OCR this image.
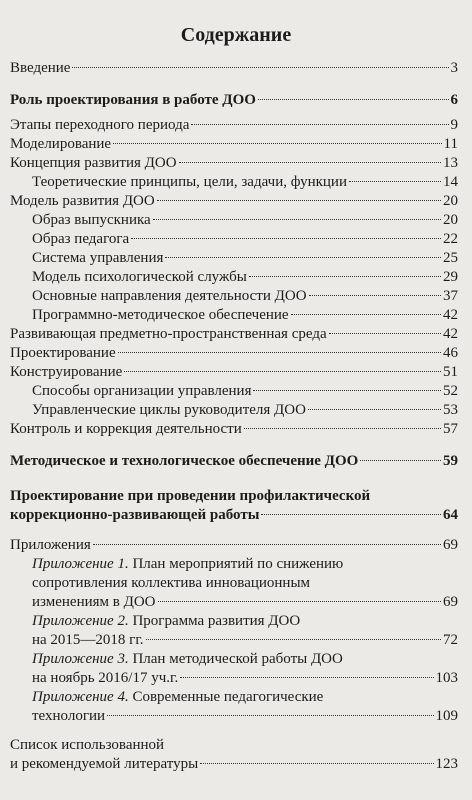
Содержание
Введение	3
Роль проектирования в работе ДОО	6
Этапы переходного периода	9
Моделирование	11
Концепция развития ДОО	13
Теоретические принципы, цели, задачи, функции	14
Модель развития ДОО	20
Образ выпускника	20
Образ педагога	22
Система управления	25
Модель психологической службы	29
Основные направления деятельности ДОО	37
Программно-методическое обеспечение	42
Развивающая предметно-пространственная среда	42
Проектирование	46
Конструирование	51
Способы организации управления	52
Управленческие циклы руководителя ДОО	53
Контроль и коррекция деятельности	57
Методическое и технологическое обеспечение ДОО	59
Проектирование при проведении профилактической
коррекционно-развивающей работы	64
Приложения	69
Приложение 1. План мероприятий по снижению
сопротивления коллектива инновационным
изменениям в ДОО	69
Приложение 2. Программа развития ДОО
на 2015—2018 гг.	72
Приложение 3. План методической работы ДОО
на ноябрь 2016/17 уч.г.	103
Приложение 4. Современные педагогические
технологии	109
Список использованной
и рекомендуемой литературы	123
